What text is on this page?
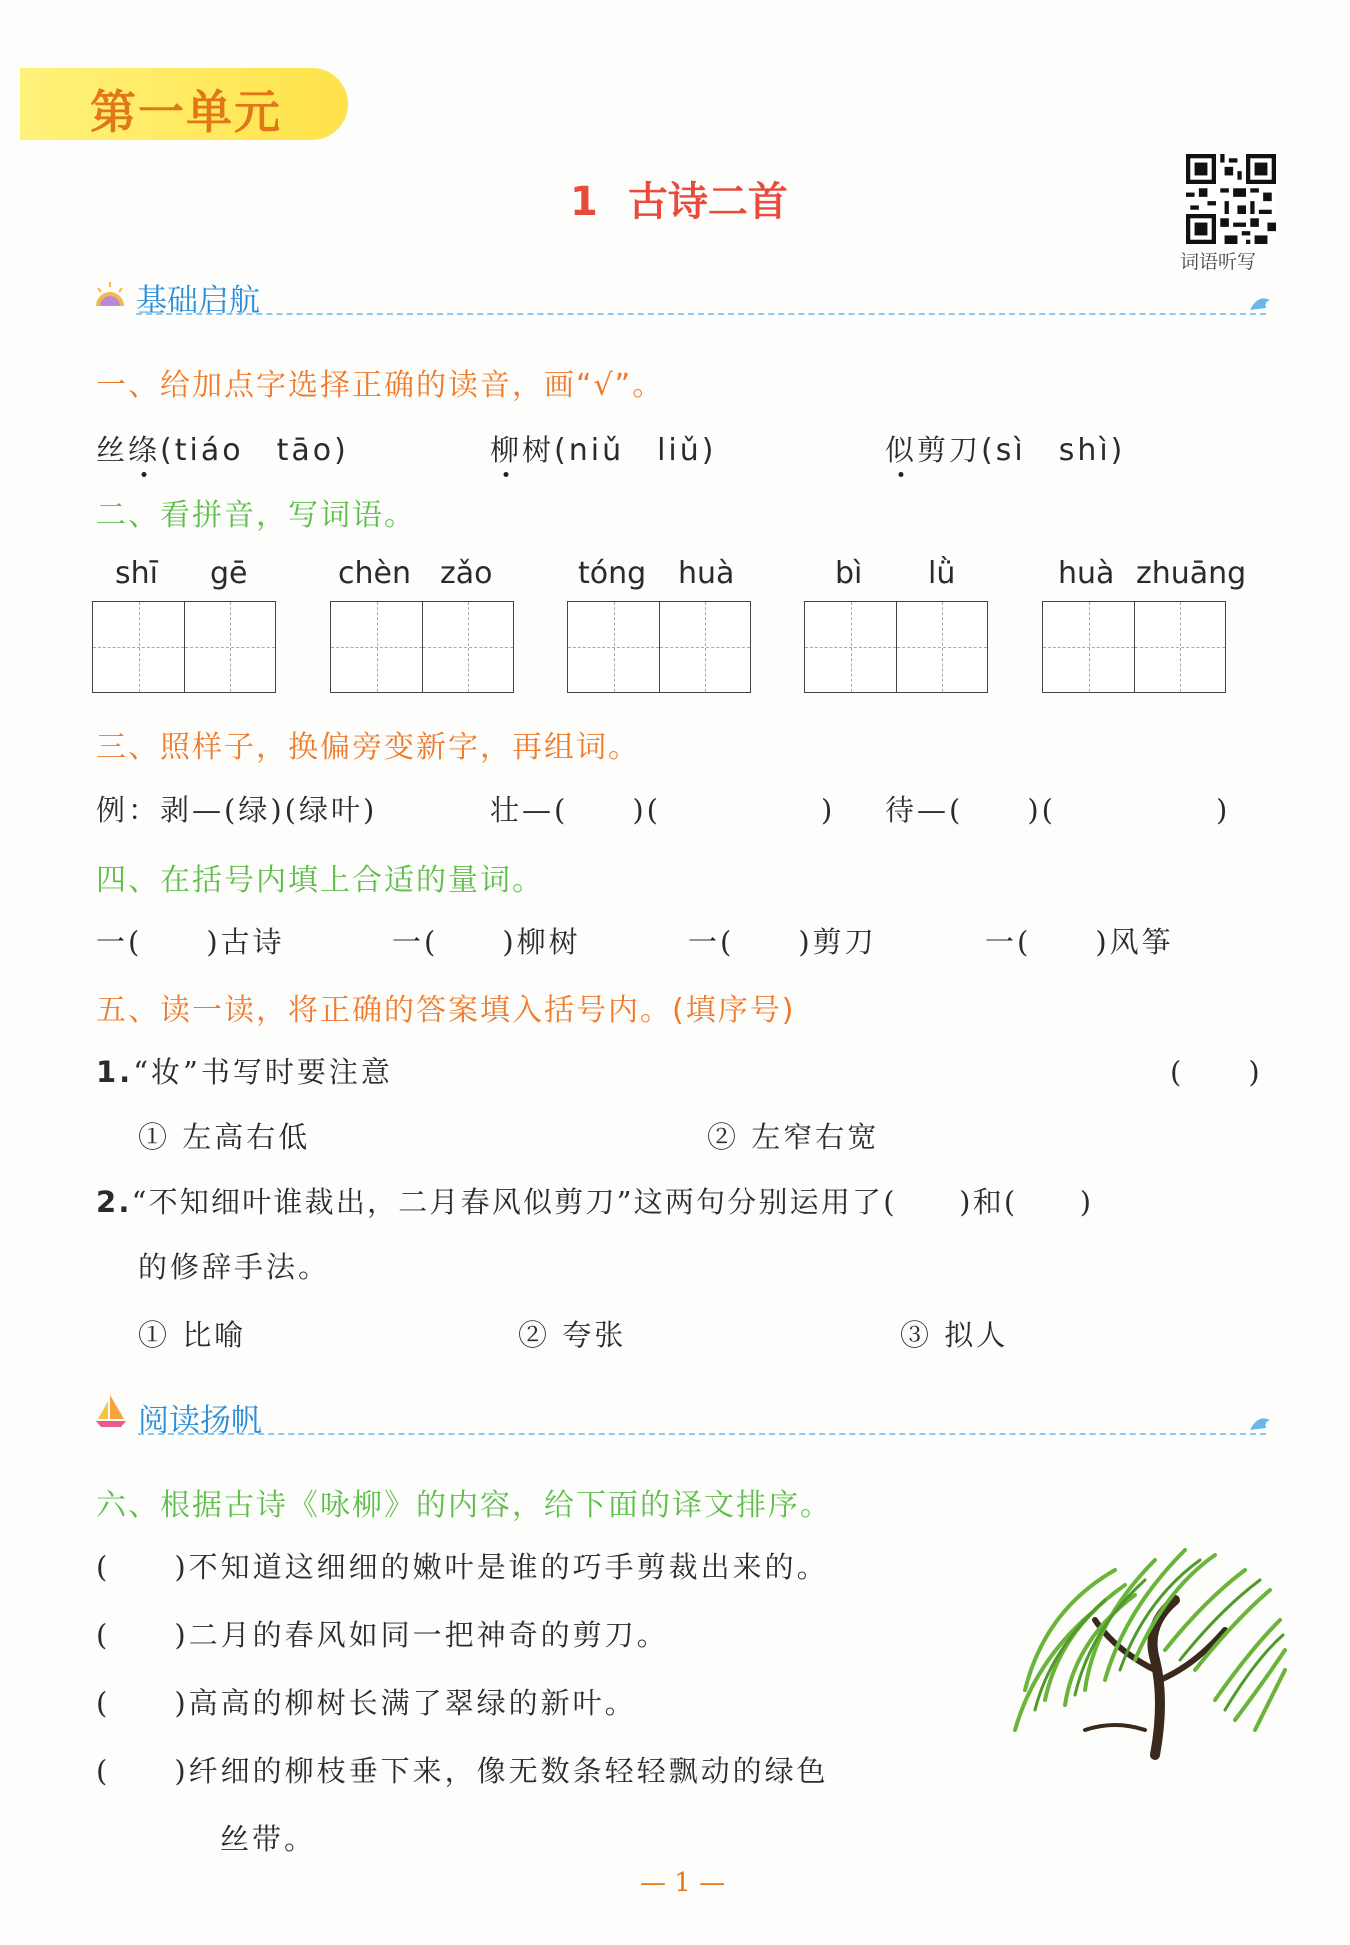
第一单元
1 古诗二首
词语听写
基础启航
一、给加点字选择正确的读音，画“√”。
丝绦(tiáo　tāo)	柳树(niǔ　liǔ)	似剪刀(sì　shì)
二、看拼音，写词语。
shī gē	chèn zǎo	tóng huà	bì lǜ	huà zhuāng
三、照样子，换偏旁变新字，再组词。
例：剥—(绿)(绿叶)	壮—(　　)(　　　　　) 待—(　　)(　　　　　)
四、在括号内填上合适的量词。
一(　　)古诗	一(　　)柳树	一(　　)剪刀	一(　　)风筝
五、读一读，将正确的答案填入括号内。(填序号)
1.“妆”书写时要注意	(　　)
① 左高右低	② 左窄右宽
2.“不知细叶谁裁出，二月春风似剪刀”这两句分别运用了(　　)和(　　)
的修辞手法。
① 比喻	② 夸张	③ 拟人
阅读扬帆
六、根据古诗《咏柳》的内容，给下面的译文排序。
(　　)不知道这细细的嫩叶是谁的巧手剪裁出来的。
(　　)二月的春风如同一把神奇的剪刀。
(　　)高高的柳树长满了翠绿的新叶。
(　　)纤细的柳枝垂下来，像无数条轻轻飘动的绿色
丝带。
— 1 —
